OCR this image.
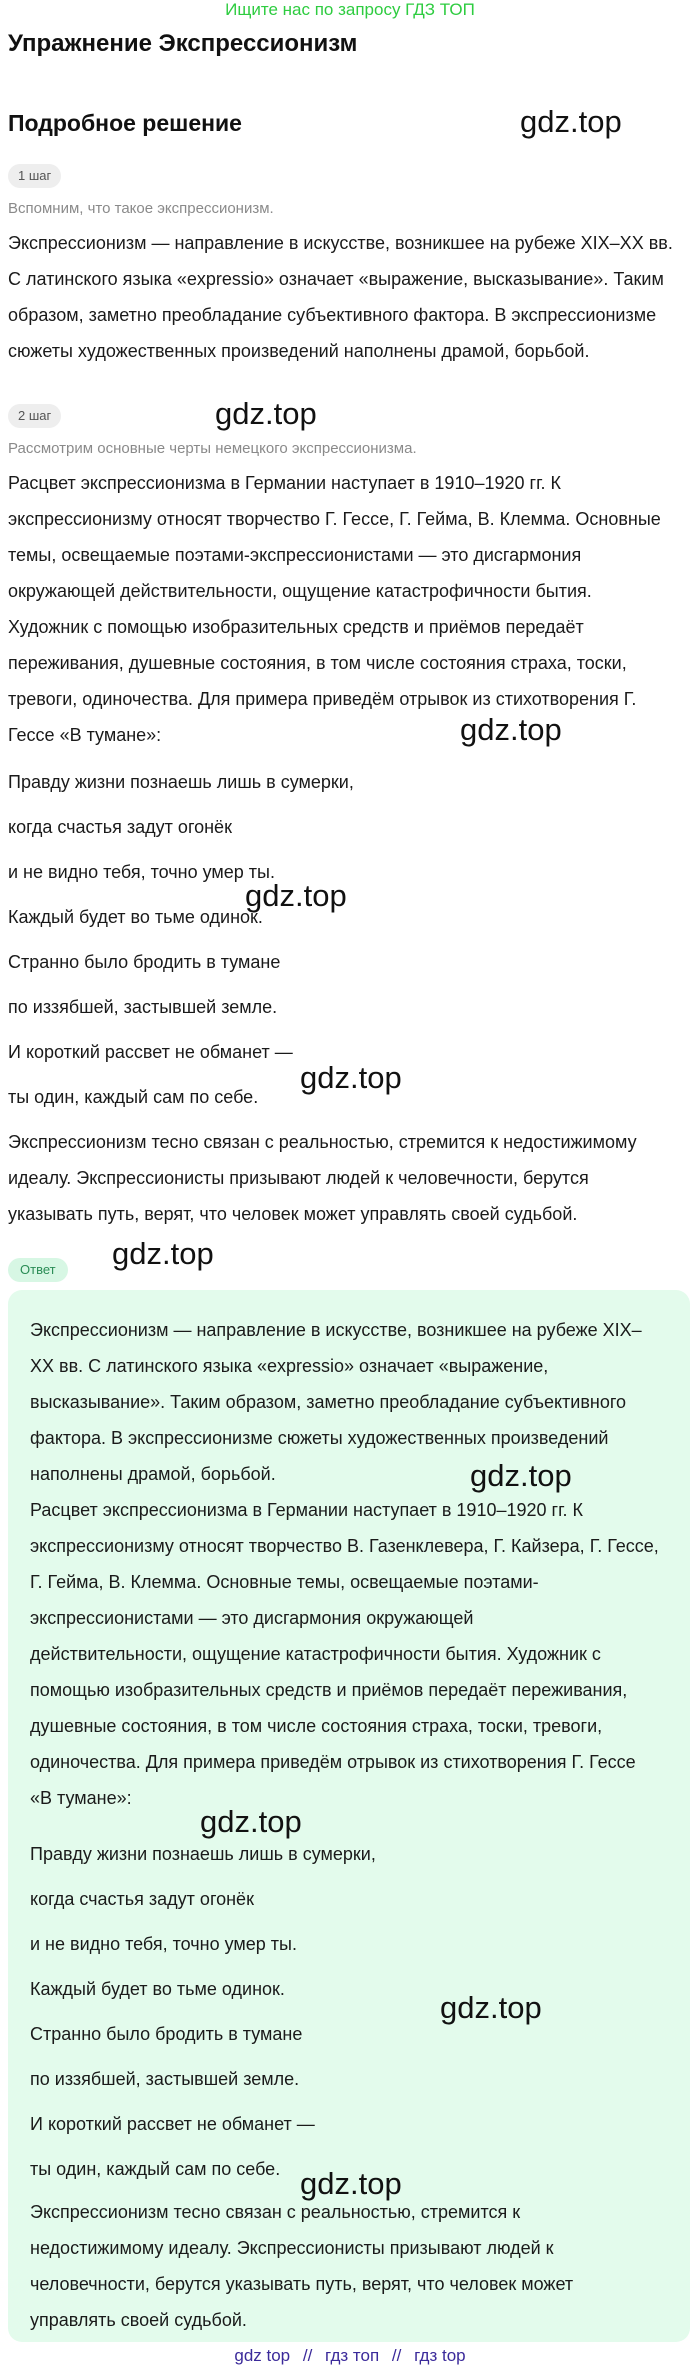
Ищите нас по запросу ГДЗ ТОП
Упражнение Экспрессионизм
Подробное решение	gdz.top
gdz.top
gdz.top
gdz.top
gdz.top
gdz.top
1 шаг
Вспомним, что такое экспрессионизм.
Экспрессионизм — направление в искусстве, возникшее на рубеже XIX–XX вв.
С латинского языка «expressio» означает «выражение, высказывание». Таким
образом, заметно преобладание субъективного фактора. В экспрессионизме
сюжеты художественных произведений наполнены драмой, борьбой.
2 шаг
Рассмотрим основные черты немецкого экспрессионизма.
Расцвет экспрессионизма в Германии наступает в 1910–1920 гг. К
экспрессионизму относят творчество Г. Гессе, Г. Гейма, В. Клемма. Основные
темы, освещаемые поэтами-экспрессионистами — это дисгармония
окружающей действительности, ощущение катастрофичности бытия.
Художник с помощью изобразительных средств и приёмов передаёт
переживания, душевные состояния, в том числе состояния страха, тоски,
тревоги, одиночества. Для примера приведём отрывок из стихотворения Г.
Гессе «В тумане»:
Правду жизни познаешь лишь в сумерки,
когда счастья задут огонёк
и не видно тебя, точно умер ты.
Каждый будет во тьме одинок.
Странно было бродить в тумане
по иззябшей, застывшей земле.
И короткий рассвет не обманет —
ты один, каждый сам по себе.
Экспрессионизм тесно связан с реальностью, стремится к недостижимому
идеалу. Экспрессионисты призывают людей к человечности, берутся
указывать путь, верят, что человек может управлять своей судьбой.
Ответ
Экспрессионизм — направление в искусстве, возникшее на рубеже XIX–
XX вв. С латинского языка «expressio» означает «выражение,
высказывание». Таким образом, заметно преобладание субъективного
фактора. В экспрессионизме сюжеты художественных произведений
наполнены драмой, борьбой.	gdz.top
Расцвет экспрессионизма в Германии наступает в 1910–1920 гг. К
экспрессионизму относят творчество В. Газенклевера, Г. Кайзера, Г. Гессе,
Г. Гейма, В. Клемма. Основные темы, освещаемые поэтами-
экспрессионистами — это дисгармония окружающей
действительности, ощущение катастрофичности бытия. Художник с
помощью изобразительных средств и приёмов передаёт переживания,
душевные состояния, в том числе состояния страха, тоски, тревоги,
одиночества. Для примера приведём отрывок из стихотворения Г. Гессе
«В тумане»:
gdz.top
Правду жизни познаешь лишь в сумерки,
когда счастья задут огонёк
и не видно тебя, точно умер ты.
Каждый будет во тьме одинок.
Странно было бродить в тумане
по иззябшей, застывшей земле.
И короткий рассвет не обманет —
ты один, каждый сам по себе.
gdz.top
gdz.top
Экспрессионизм тесно связан с реальностью, стремится к
недостижимому идеалу. Экспрессионисты призывают людей к
человечности, берутся указывать путь, верят, что человек может
управлять своей судьбой.
gdz top // гдз топ // гдз top
